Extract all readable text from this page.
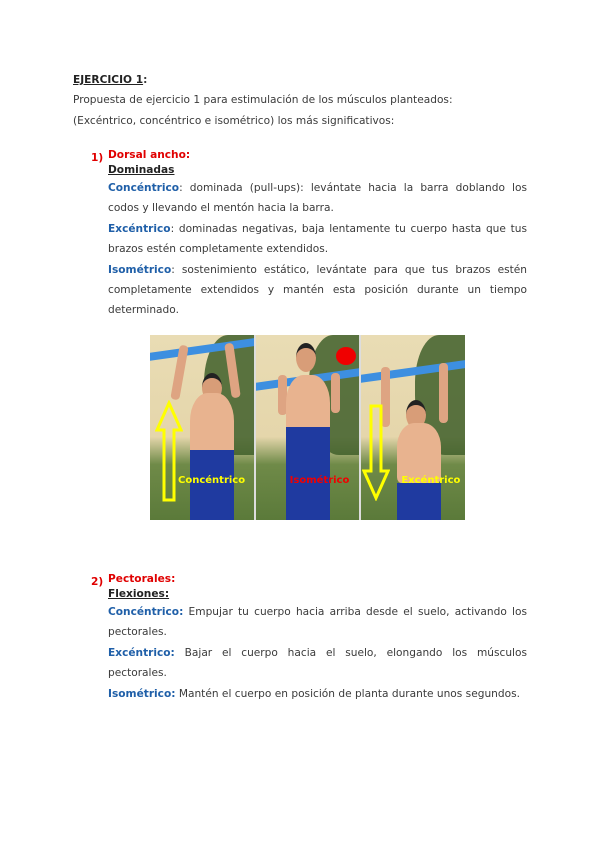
EJERCICIO 1:
Propuesta de ejercicio 1 para estimulación de los músculos planteados:
(Excéntrico, concéntrico e isométrico) los más significativos:
1) Dorsal ancho:
Dominadas

Concéntrico: dominada (pull-ups): levántate hacia la barra doblando los codos y llevando el mentón hacia la barra.

Excéntrico: dominadas negativas, baja lentamente tu cuerpo hasta que tus brazos estén completamente extendidos.

Isométrico: sostenimiento estático, levántate para que tus brazos estén completamente extendidos y mantén esta posición durante un tiempo determinado.

Concéntrico	Isométrico	Excéntrico
2) Pectorales:
Flexiones:

Concéntrico: Empujar tu cuerpo hacia arriba desde el suelo, activando los pectorales.

Excéntrico: Bajar el cuerpo hacia el suelo, elongando los músculos pectorales.

Isométrico: Mantén el cuerpo en posición de planta durante unos segundos.
